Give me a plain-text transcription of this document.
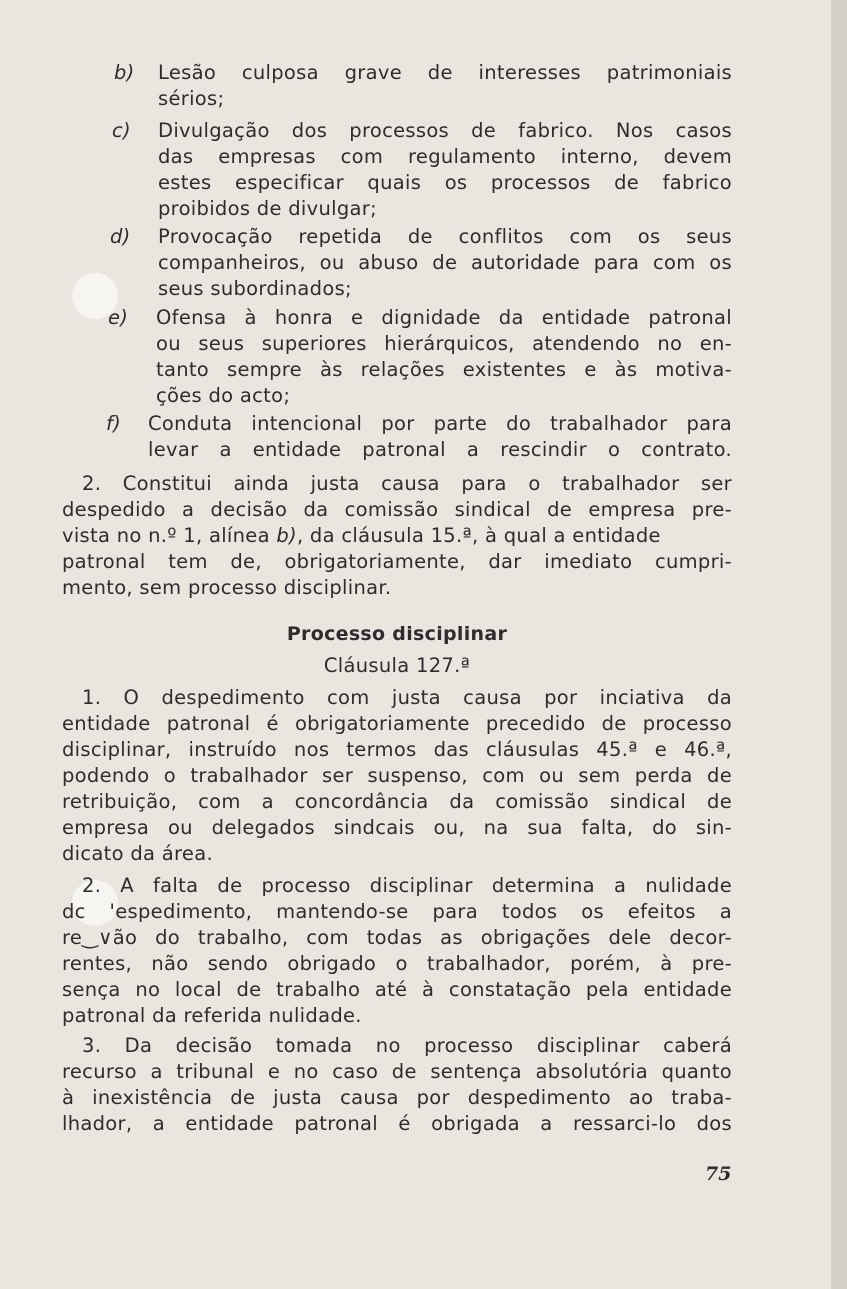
b) Lesão culposa grave de interesses patrimoniais
sérios;
c) Divulgação dos processos de fabrico. Nos casos
das empresas com regulamento interno, devem
estes especificar quais os processos de fabrico
proibidos de divulgar;
d) Provocação repetida de conflitos com os seus
companheiros, ou abuso de autoridade para com os
seus subordinados;
e) Ofensa à honra e dignidade da entidade patronal
ou seus superiores hierárquicos, atendendo no en-
tanto sempre às relações existentes e às motiva-
ções do acto;
f) Conduta intencional por parte do trabalhador para
levar a entidade patronal a rescindir o contrato.
2. Constitui ainda justa causa para o trabalhador ser
despedido a decisão da comissão sindical de empresa pre-
vista no n.º 1, alínea b), da cláusula 15.ª, à qual a entidade
patronal tem de, obrigatoriamente, dar imediato cumpri-
mento, sem processo disciplinar.
Processo disciplinar
Cláusula 127.ª
1. O despedimento com justa causa por inciativa da
entidade patronal é obrigatoriamente precedido de processo
disciplinar, instruído nos termos das cláusulas 45.ª e 46.ª,
podendo o trabalhador ser suspenso, com ou sem perda de
retribuição, com a concordância da comissão sindical de
empresa ou delegados sindcais ou, na sua falta, do sin-
dicato da área.
2. A falta de processo disciplinar determina a nulidade
dc 'espedimento, mantendo-se para todos os efeitos a
re‿∨ão do trabalho, com todas as obrigações dele decor-
rentes, não sendo obrigado o trabalhador, porém, à pre-
sença no local de trabalho até à constatação pela entidade
patronal da referida nulidade.
3. Da decisão tomada no processo disciplinar caberá
recurso a tribunal e no caso de sentença absolutória quanto
à inexistência de justa causa por despedimento ao traba-
lhador, a entidade patronal é obrigada a ressarci-lo dos
75
